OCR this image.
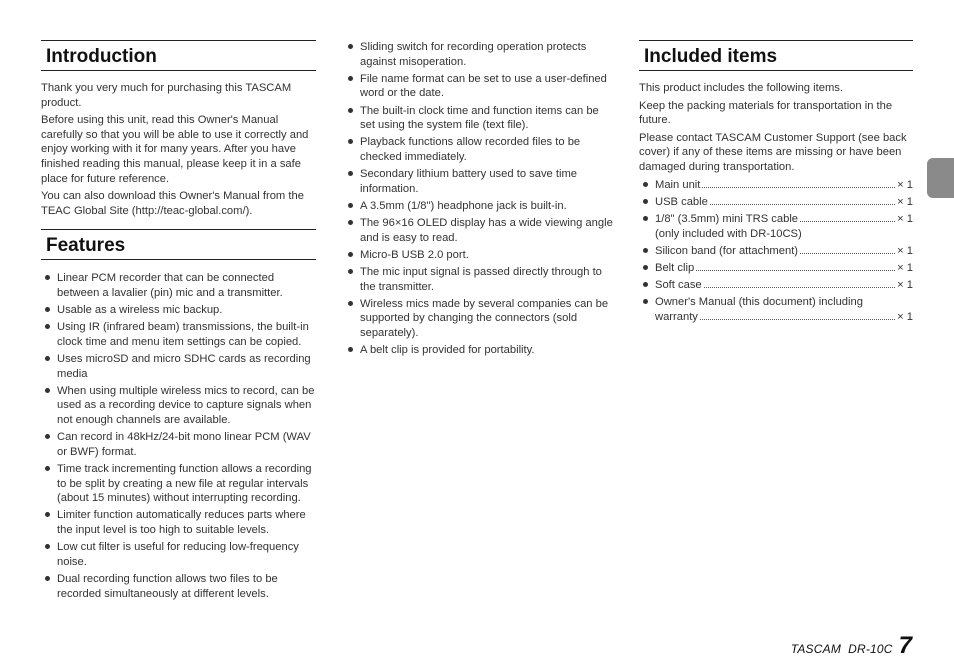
Introduction

Thank you very much for purchasing this TASCAM product.

Before using this unit, read this Owner's Manual carefully so that you will be able to use it correctly and enjoy working with it for many years. After you have finished reading this manual, please keep it in a safe place for future reference.

You can also download this Owner's Manual from the TEAC Global Site (http://teac-global.com/).

Features
Linear PCM recorder that can be connected between a lavalier (pin) mic and a transmitter.
Usable as a wireless mic backup.
Using IR (infrared beam) transmissions, the built-in clock time and menu item settings can be copied.
Uses microSD and micro SDHC cards as recording media
When using multiple wireless mics to record, can be used as a recording device to capture signals when not enough channels are available.
Can record in 48kHz/24-bit mono linear PCM (WAV or BWF) format.
Time track incrementing function allows a recording to be split by creating a new file at regular intervals (about 15 minutes) without interrupting recording.
Limiter function automatically reduces parts where the input level is too high to suitable levels.
Low cut filter is useful for reducing low-frequency noise.
Dual recording function allows two files to be recorded simultaneously at different levels.
Sliding switch for recording operation protects against misoperation.
File name format can be set to use a user-defined word or the date.
The built-in clock time and function items can be set using the system file (text file).
Playback functions allow recorded files to be checked immediately.
Secondary lithium battery used to save time information.
A 3.5mm (1/8") headphone jack is built-in.
The 96×16 OLED display has a wide viewing angle and is easy to read.
Micro-B USB 2.0 port.
The mic input signal is passed directly through to the transmitter.
Wireless mics made by several companies can be supported by changing the connectors (sold separately).
A belt clip is provided for portability.
Included items

This product includes the following items.

Keep the packing materials for transportation in the future.

Please contact TASCAM Customer Support (see back cover) if any of these items are missing or have been damaged during transportation.

Main unit	× 1
USB cable	× 1
1/8" (3.5mm) mini TRS cable	× 1
(only included with DR-10CS)
Silicon band (for attachment)	× 1
Belt clip	× 1
Soft case	× 1
Owner's Manual (this document) including
warranty	× 1
TASCAM  DR-10C 7
